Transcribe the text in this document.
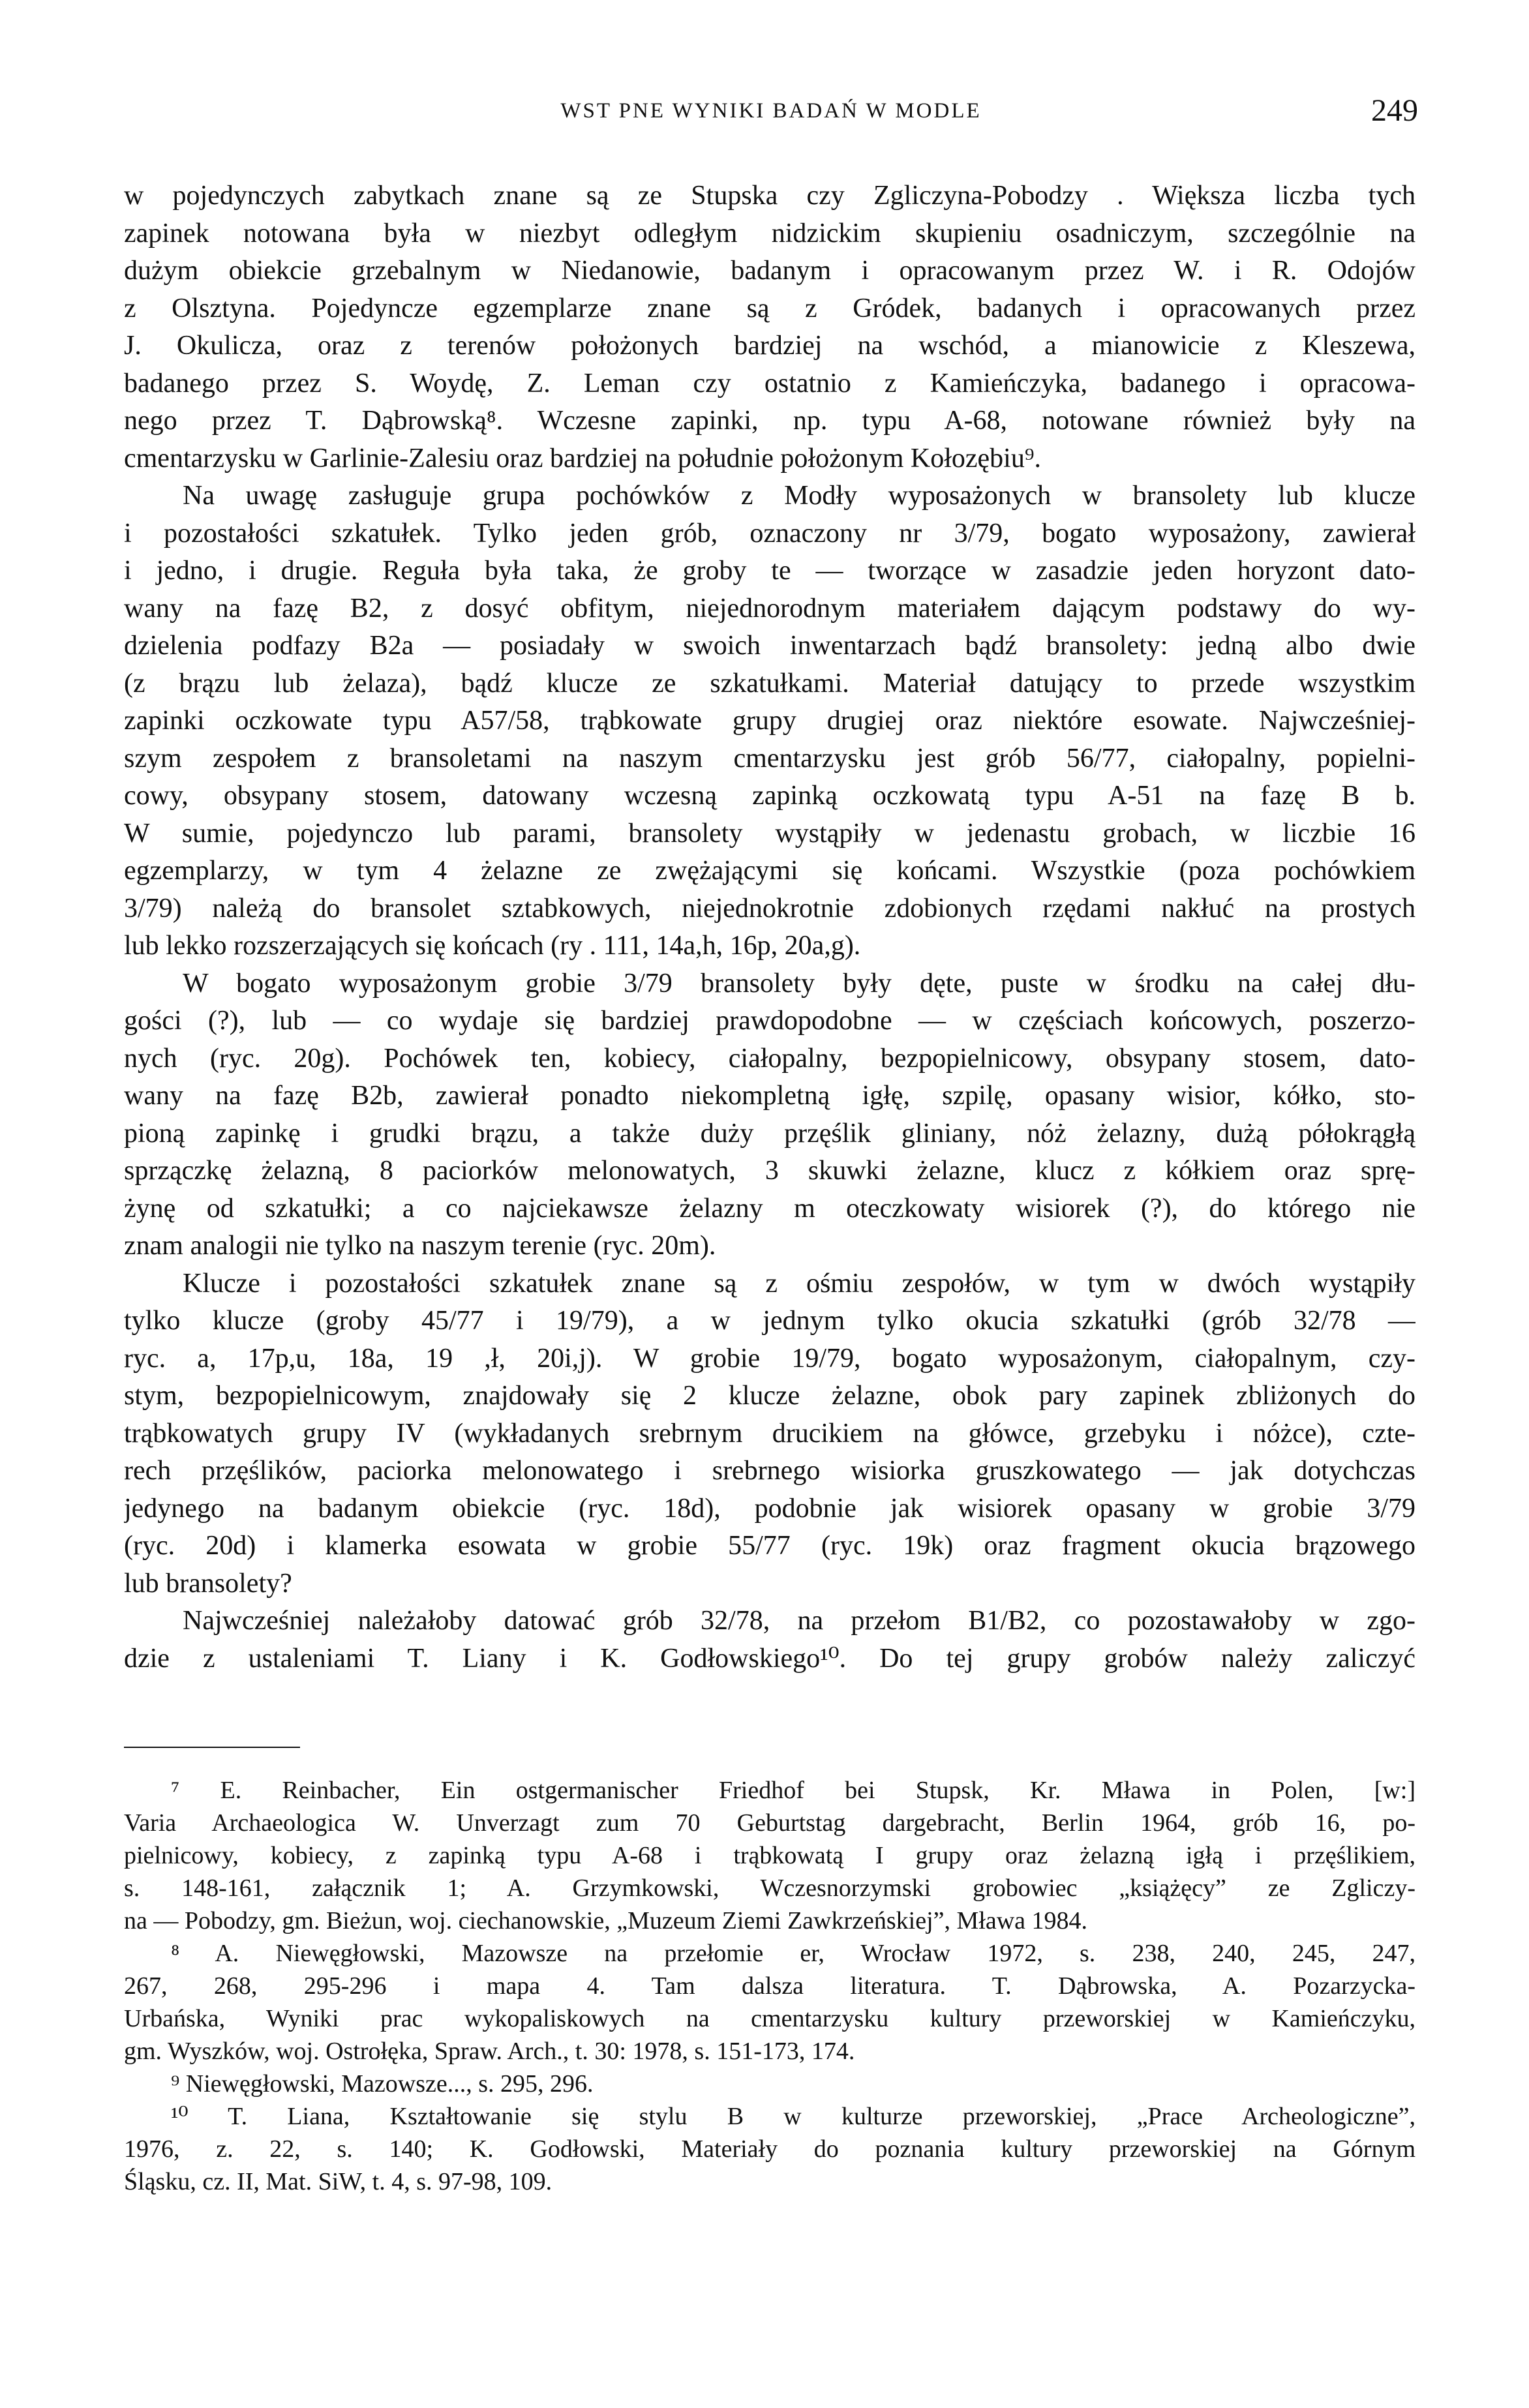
WST PNE WYNIKI BADAŃ W MODLE	249
w pojedynczych zabytkach znane są ze Stupska czy Zgliczyna-Pobodzy . Większa liczba tych
zapinek notowana była w niezbyt odległym nidzickim skupieniu osadniczym, szczególnie na
dużym obiekcie grzebalnym w Niedanowie, badanym i opracowanym przez W. i R. Odojów
z Olsztyna. Pojedyncze egzemplarze znane są z Gródek, badanych i opracowanych przez
J. Okulicza, oraz z terenów położonych bardziej na wschód, a mianowicie z Kleszewa,
badanego przez S. Woydę, Z. Leman czy ostatnio z Kamieńczyka, badanego i opracowa-
nego przez T. Dąbrowską⁸. Wczesne zapinki, np. typu A-68, notowane również były na
cmentarzysku w Garlinie-Zalesiu oraz bardziej na południe położonym Kołozębiu⁹.
Na uwagę zasługuje grupa pochówków z Modły wyposażonych w bransolety lub klucze
i pozostałości szkatułek. Tylko jeden grób, oznaczony nr 3/79, bogato wyposażony, zawierał
i jedno, i drugie. Reguła była taka, że groby te — tworzące w zasadzie jeden horyzont dato-
wany na fazę B2, z dosyć obfitym, niejednorodnym materiałem dającym podstawy do wy-
dzielenia podfazy B2a — posiadały w swoich inwentarzach bądź bransolety: jedną albo dwie
(z brązu lub żelaza), bądź klucze ze szkatułkami. Materiał datujący to przede wszystkim
zapinki oczkowate typu A57/58, trąbkowate grupy drugiej oraz niektóre esowate. Najwcześniej-
szym zespołem z bransoletami na naszym cmentarzysku jest grób 56/77, ciałopalny, popielni-
cowy, obsypany stosem, datowany wczesną zapinką oczkowatą typu A-51 na fazę B b.
W sumie, pojedynczo lub parami, bransolety wystąpiły w jedenastu grobach, w liczbie 16
egzemplarzy, w tym 4 żelazne ze zwężającymi się końcami. Wszystkie (poza pochówkiem
3/79) należą do bransolet sztabkowych, niejednokrotnie zdobionych rzędami nakłuć na prostych
lub lekko rozszerzających się końcach (ry . 111, 14a,h, 16p, 20a,g).
W bogato wyposażonym grobie 3/79 bransolety były dęte, puste w środku na całej dłu-
gości (?), lub — co wydaje się bardziej prawdopodobne — w częściach końcowych, poszerzo-
nych (ryc. 20g). Pochówek ten, kobiecy, ciałopalny, bezpopielnicowy, obsypany stosem, dato-
wany na fazę B2b, zawierał ponadto niekompletną igłę, szpilę, opasany wisior, kółko, sto-
pioną zapinkę i grudki brązu, a także duży przęślik gliniany, nóż żelazny, dużą półokrągłą
sprzączkę żelazną, 8 paciorków melonowatych, 3 skuwki żelazne, klucz z kółkiem oraz sprę-
żynę od szkatułki; a co najciekawsze żelazny m oteczkowaty wisiorek (?), do którego nie
znam analogii nie tylko na naszym terenie (ryc. 20m).
Klucze i pozostałości szkatułek znane są z ośmiu zespołów, w tym w dwóch wystąpiły
tylko klucze (groby 45/77 i 19/79), a w jednym tylko okucia szkatułki (grób 32/78 —
ryc. a, 17p,u, 18a, 19 ,ł, 20i,j). W grobie 19/79, bogato wyposażonym, ciałopalnym, czy-
stym, bezpopielnicowym, znajdowały się 2 klucze żelazne, obok pary zapinek zbliżonych do
trąbkowatych grupy IV (wykładanych srebrnym drucikiem na główce, grzebyku i nóżce), czte-
rech przęślików, paciorka melonowatego i srebrnego wisiorka gruszkowatego — jak dotychczas
jedynego na badanym obiekcie (ryc. 18d), podobnie jak wisiorek opasany w grobie 3/79
(ryc. 20d) i klamerka esowata w grobie 55/77 (ryc. 19k) oraz fragment okucia brązowego
lub bransolety?
Najwcześniej należałoby datować grób 32/78, na przełom B1/B2, co pozostawałoby w zgo-
dzie z ustaleniami T. Liany i K. Godłowskiego¹⁰. Do tej grupy grobów należy zaliczyć
⁷ E. Reinbacher, Ein ostgermanischer Friedhof bei Stupsk, Kr. Mława in Polen, [w:]
Varia Archaeologica W. Unverzagt zum 70 Geburtstag dargebracht, Berlin 1964, grób 16, po-
pielnicowy, kobiecy, z zapinką typu A-68 i trąbkowatą I grupy oraz żelazną igłą i przęślikiem,
s. 148-161, załącznik 1; A. Grzymkowski, Wczesnorzymski grobowiec „książęcy” ze Zgliczy-
na — Pobodzy, gm. Bieżun, woj. ciechanowskie, „Muzeum Ziemi Zawkrzeńskiej”, Mława 1984.
⁸ A. Niewęgłowski, Mazowsze na przełomie er, Wrocław 1972, s. 238, 240, 245, 247,
267, 268, 295-296 i mapa 4. Tam dalsza literatura. T. Dąbrowska, A. Pozarzycka-
Urbańska, Wyniki prac wykopaliskowych na cmentarzysku kultury przeworskiej w Kamieńczyku,
gm. Wyszków, woj. Ostrołęka, Spraw. Arch., t. 30: 1978, s. 151-173, 174.
⁹ Niewęgłowski, Mazowsze..., s. 295, 296.
¹⁰ T. Liana, Kształtowanie się stylu B w kulturze przeworskiej, „Prace Archeologiczne”,
1976, z. 22, s. 140; K. Godłowski, Materiały do poznania kultury przeworskiej na Górnym
Śląsku, cz. II, Mat. SiW, t. 4, s. 97-98, 109.
